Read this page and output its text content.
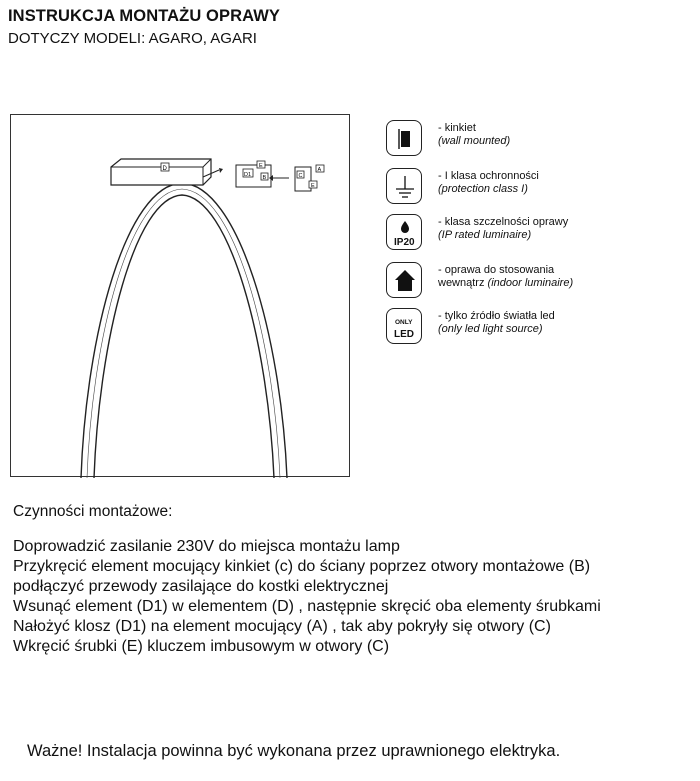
INSTRUKCJA MONTAŻU OPRAWY
DOTYCZY MODELI: AGARO, AGARI
D
D1
E
B	C
A
E
- kinkiet
(wall mounted)
- I klasa ochronności
(protection class I)
IP20
- klasa szczelności oprawy
(IP rated luminaire)
- oprawa do stosowania
wewnątrz (indoor luminaire)
ONLY
LED
- tylko źródło światła led
(only led light source)
Czynności montażowe:
Doprowadzić zasilanie 230V do miejsca montażu lamp
Przykręcić element mocujący kinkiet (c) do ściany poprzez otwory montażowe (B)
podłączyć przewody zasilające do kostki elektrycznej
Wsunąć element (D1) w elementem (D) , następnie skręcić oba elementy śrubkami
Nałożyć klosz (D1) na element mocujący (A) , tak aby pokryły się otwory (C)
Wkręcić śrubki (E) kluczem imbusowym w otwory (C)
Ważne! Instalacja powinna być wykonana przez uprawnionego elektryka.
